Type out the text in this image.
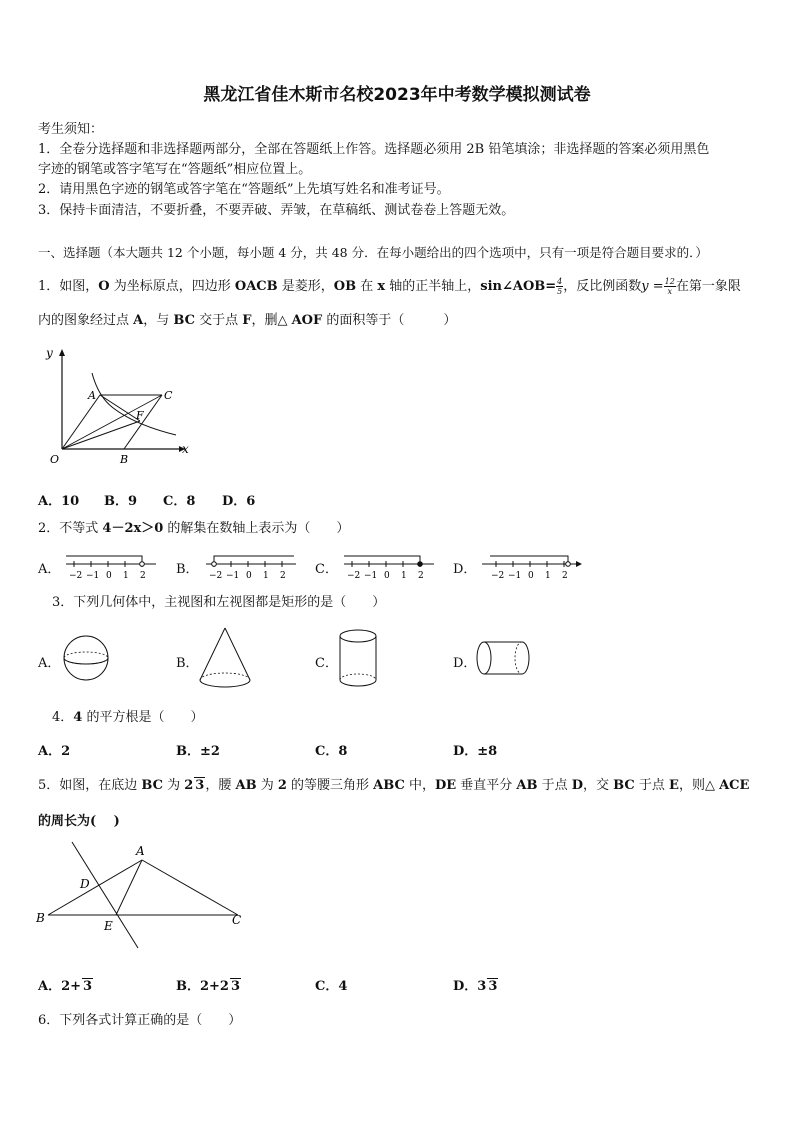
黑龙江省佳木斯市名校2023年中考数学模拟测试卷
考生须知：
1．全卷分选择题和非选择题两部分，全部在答题纸上作答。选择题必须用 2B 铅笔填涂；非选择题的答案必须用黑色
字迹的钢笔或答字笔写在“答题纸”相应位置上。
2．请用黑色字迹的钢笔或答字笔在“答题纸”上先填写姓名和准考证号。
3．保持卡面清洁，不要折叠，不要弄破、弄皱，在草稿纸、测试卷卷上答题无效。
一、选择题（本大题共 12 个小题，每小题 4 分，共 48 分．在每小题给出的四个选项中，只有一项是符合题目要求的．）
1．如图，O 为坐标原点，四边形 OACB 是菱形，OB 在 x 轴的正半轴上，sin∠AOB= $\frac{4}{5}$ ，反比例函数$y = \frac{12}{x}$ 在第一象限
内的图象经过点 A，与 BC 交于点 F，删△ AOF 的面积等于（　　　）
y
A	C
F
O	B
x
A．10 B．9 C．8 D．6
2．不等式 4－2x＞0 的解集在数轴上表示为（　　）
A．	B．	C．	D．
−2 −1 0 1 2	−2 −1 0 1 2	−2 −1 0 1 2	−2 −1 0 1 2
3．下列几何体中，主视图和左视图都是矩形的是（　　）
A．	B．	C．	D．
4．4 的平方根是（　　）
A．2	B．±2	C．8	D．±8
5．如图，在底边 BC 为 2 3，腰 AB 为 2 的等腰三角形 ABC 中，DE 垂直平分 AB 于点 D，交 BC 于点 E，则△ ACE
的周长为(　 )
A
D
B
E	C
A．2+ 3	B．2+2 3	C．4	D．3 3
6．下列各式计算正确的是（　　）
